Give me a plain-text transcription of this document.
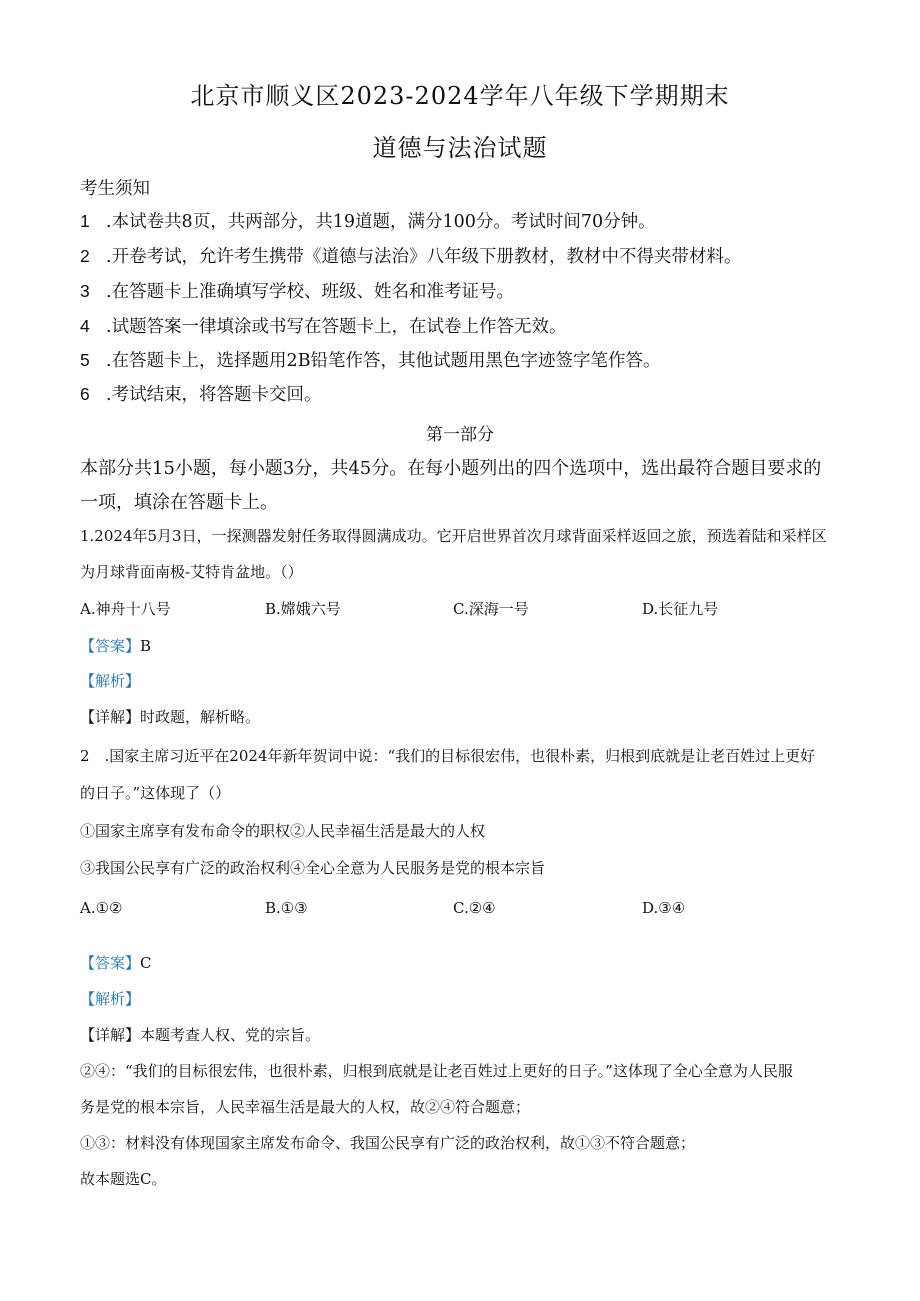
北京市顺义区2023-2024学年八年级下学期期末
道德与法治试题
考生须知
1 .本试卷共8页，共两部分，共19道题，满分100分。考试时间70分钟。
2 .开卷考试，允许考生携带《道德与法治》八年级下册教材，教材中不得夹带材料。
3 .在答题卡上准确填写学校、班级、姓名和准考证号。
4 .试题答案一律填涂或书写在答题卡上，在试卷上作答无效。
5 .在答题卡上，选择题用2B铅笔作答，其他试题用黑色字迹签字笔作答。
6 .考试结束，将答题卡交回。
第一部分
本部分共15小题，每小题3分，共45分。在每小题列出的四个选项中，选出最符合题目要求的
一项，填涂在答题卡上。
1.2024年5月3日，一探测器发射任务取得圆满成功。它开启世界首次月球背面采样返回之旅，预选着陆和采样区
为月球背面南极-艾特肯盆地。（）
A.神舟十八号	B.嫦娥六号	C.深海一号	D.长征九号
【答案】B
【解析】
【详解】时政题，解析略。
2　.国家主席习近平在2024年新年贺词中说：“我们的目标很宏伟，也很朴素，归根到底就是让老百姓过上更好
的日子。”这体现了（）
①国家主席享有发布命令的职权②人民幸福生活是最大的人权
③我国公民享有广泛的政治权利④全心全意为人民服务是党的根本宗旨
A.①②	B.①③	C.②④	D.③④
【答案】C
【解析】
【详解】本题考查人权、党的宗旨。
②④：“我们的目标很宏伟，也很朴素，归根到底就是让老百姓过上更好的日子。”这体现了全心全意为人民服
务是党的根本宗旨，人民幸福生活是最大的人权，故②④符合题意；
①③：材料没有体现国家主席发布命令、我国公民享有广泛的政治权利，故①③不符合题意；
故本题选C。
